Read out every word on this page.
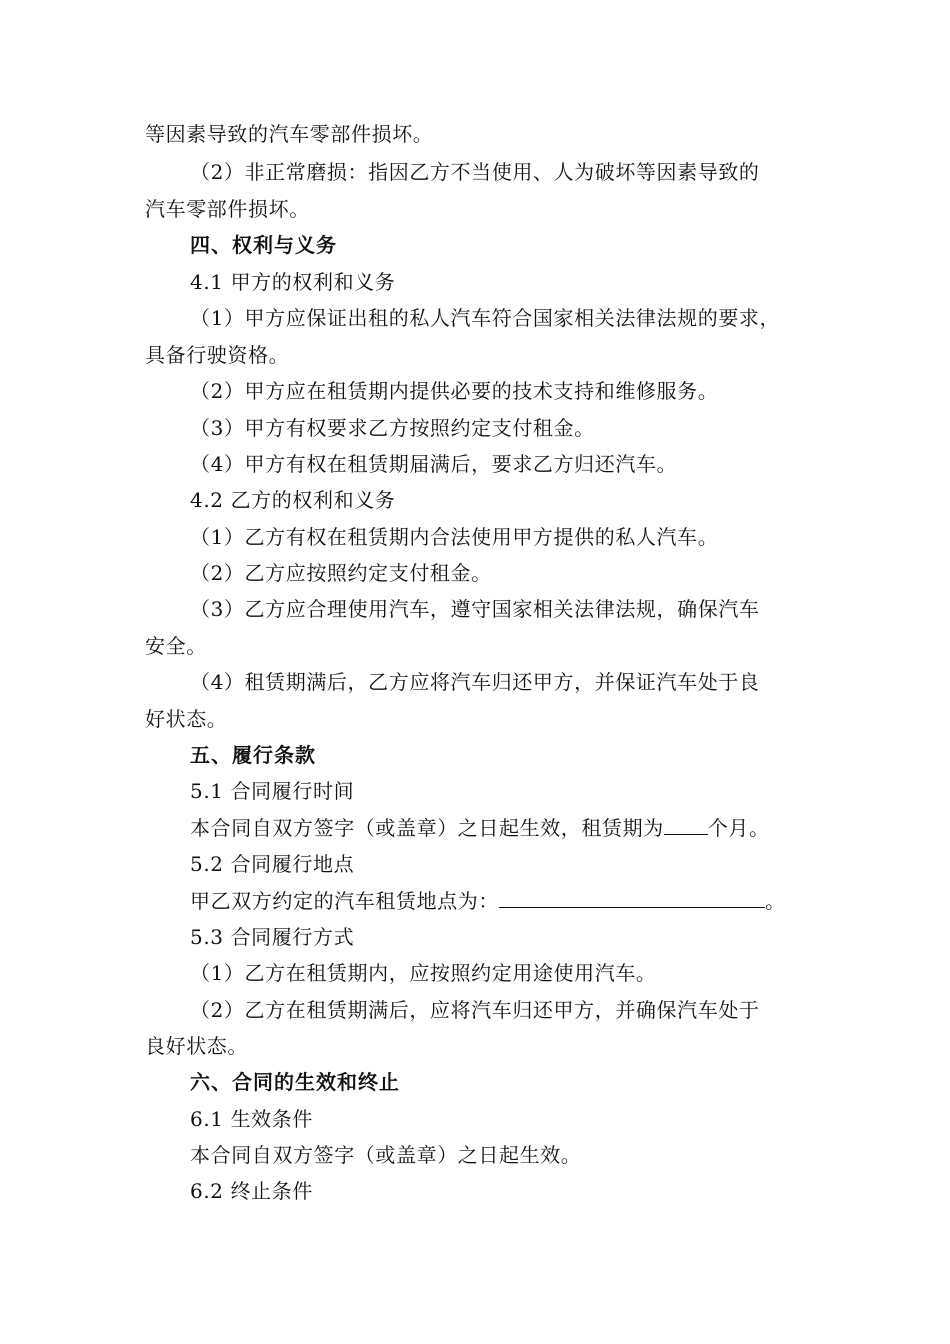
等因素导致的汽车零部件损坏。
（2）非正常磨损：指因乙方不当使用、人为破坏等因素导致的
汽车零部件损坏。
四、权利与义务
4.1 甲方的权利和义务
（1）甲方应保证出租的私人汽车符合国家相关法律法规的要求，
具备行驶资格。
（2）甲方应在租赁期内提供必要的技术支持和维修服务。
（3）甲方有权要求乙方按照约定支付租金。
（4）甲方有权在租赁期届满后，要求乙方归还汽车。
4.2 乙方的权利和义务
（1）乙方有权在租赁期内合法使用甲方提供的私人汽车。
（2）乙方应按照约定支付租金。
（3）乙方应合理使用汽车，遵守国家相关法律法规，确保汽车
安全。
（4）租赁期满后，乙方应将汽车归还甲方，并保证汽车处于良
好状态。
五、履行条款
5.1 合同履行时间
本合同自双方签字（或盖章）之日起生效，租赁期为 个月。
5.2 合同履行地点
甲乙双方约定的汽车租赁地点为：	。
5.3 合同履行方式
（1）乙方在租赁期内，应按照约定用途使用汽车。
（2）乙方在租赁期满后，应将汽车归还甲方，并确保汽车处于
良好状态。
六、合同的生效和终止
6.1 生效条件
本合同自双方签字（或盖章）之日起生效。
6.2 终止条件
